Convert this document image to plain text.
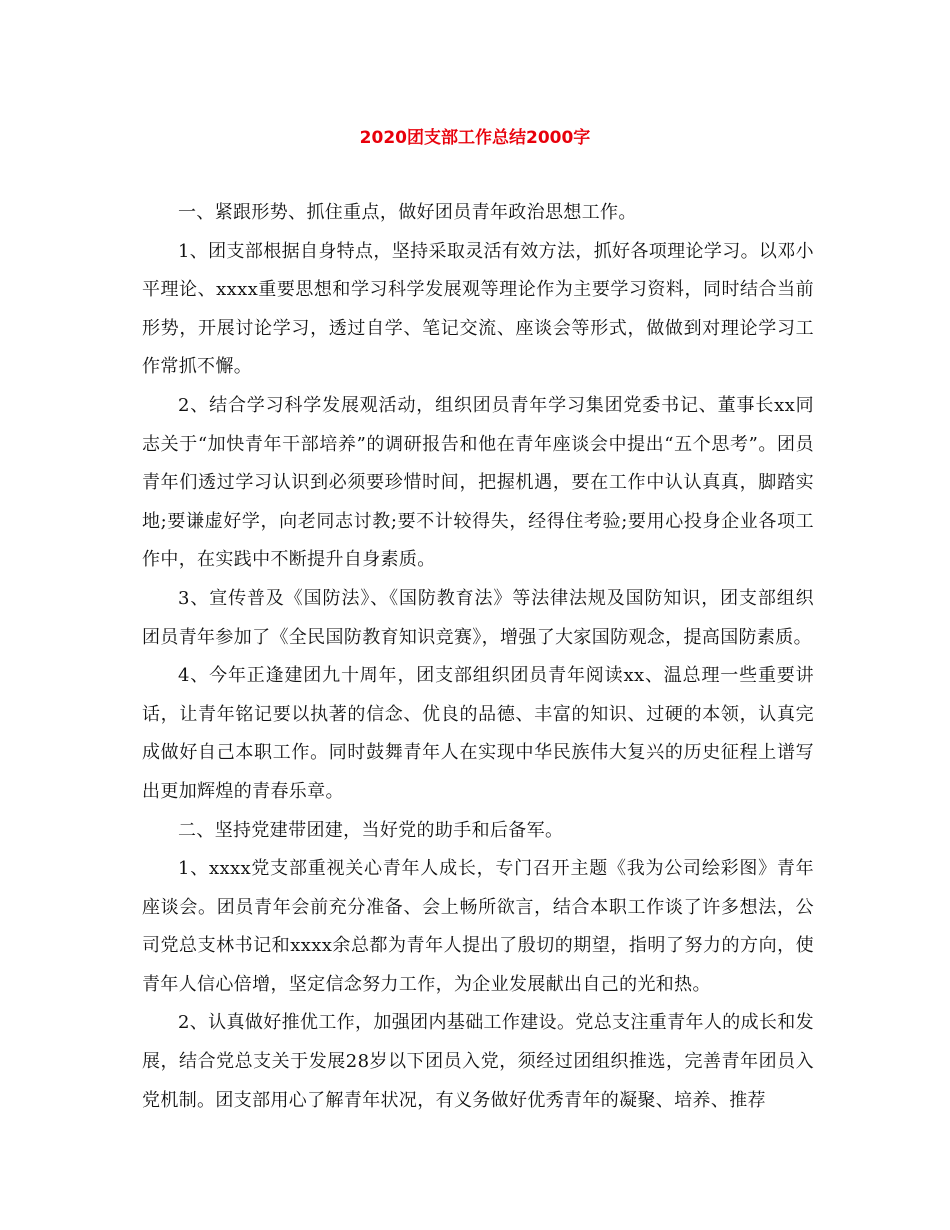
2020团支部工作总结2000字

一、紧跟形势、抓住重点，做好团员青年政治思想工作。

1、团支部根据自身特点，坚持采取灵活有效方法，抓好各项理论学习。以邓小平理论、xxxx重要思想和学习科学发展观等理论作为主要学习资料，同时结合当前形势，开展讨论学习，透过自学、笔记交流、座谈会等形式，做做到对理论学习工作常抓不懈。

2、结合学习科学发展观活动，组织团员青年学习集团党委书记、董事长xx同志关于“加快青年干部培养”的调研报告和他在青年座谈会中提出“五个思考”。团员青年们透过学习认识到必须要珍惜时间，把握机遇，要在工作中认认真真，脚踏实地;要谦虚好学，向老同志讨教;要不计较得失，经得住考验;要用心投身企业各项工作中，在实践中不断提升自身素质。

3、宣传普及《国防法》、《国防教育法》等法律法规及国防知识，团支部组织团员青年参加了《全民国防教育知识竞赛》，增强了大家国防观念，提高国防素质。

4、今年正逢建团九十周年，团支部组织团员青年阅读xx、温总理一些重要讲话，让青年铭记要以执著的信念、优良的品德、丰富的知识、过硬的本领，认真完成做好自己本职工作。同时鼓舞青年人在实现中华民族伟大复兴的历史征程上谱写出更加辉煌的青春乐章。

二、坚持党建带团建，当好党的助手和后备军。

1、xxxx党支部重视关心青年人成长，专门召开主题《我为公司绘彩图》青年座谈会。团员青年会前充分准备、会上畅所欲言，结合本职工作谈了许多想法，公司党总支林书记和xxxx余总都为青年人提出了殷切的期望，指明了努力的方向，使青年人信心倍增，坚定信念努力工作，为企业发展献出自己的光和热。

2、认真做好推优工作，加强团内基础工作建设。党总支注重青年人的成长和发展，结合党总支关于发展28岁以下团员入党，须经过团组织推选，完善青年团员入党机制。团支部用心了解青年状况，有义务做好优秀青年的凝聚、培养、推荐
